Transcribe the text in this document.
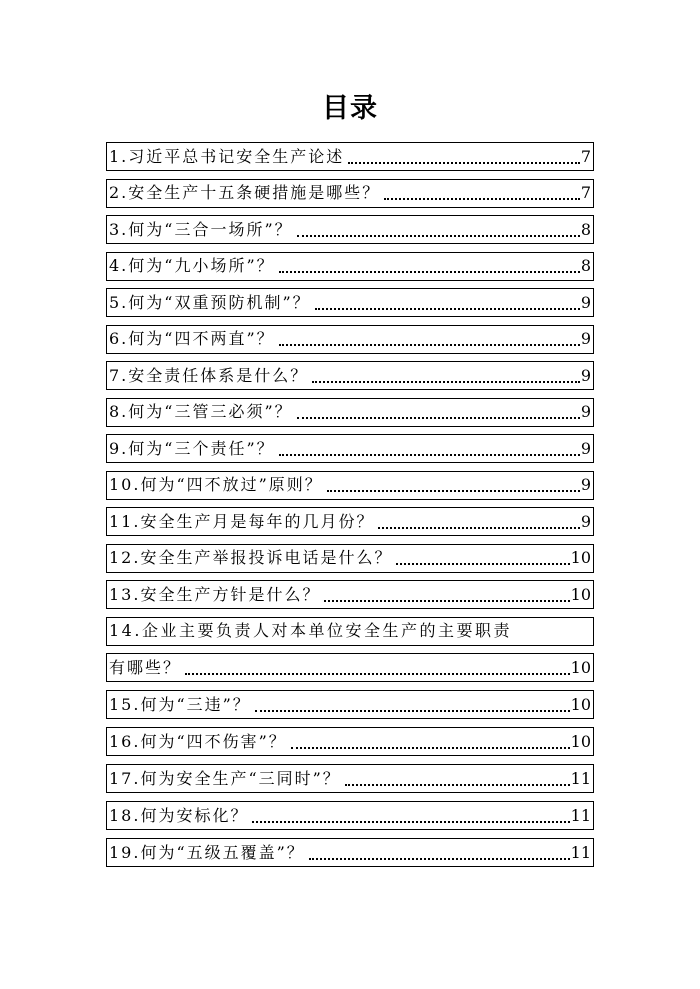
目录
1.习近平总书记安全生产论述	7
2.安全生产十五条硬措施是哪些？	7
3.何为“三合一场所”？	8
4.何为“九小场所”？	8
5.何为“双重预防机制”？	9
6.何为“四不两直”？	9
7.安全责任体系是什么？	9
8.何为“三管三必须”？	9
9.何为“三个责任”？	9
10.何为“四不放过”原则？	9
11.安全生产月是每年的几月份？	9
12.安全生产举报投诉电话是什么？	10
13.安全生产方针是什么？	10
14.企业主要负责人对本单位安全生产的主要职责
有哪些？	10
15.何为“三违”？	10
16.何为“四不伤害”？	10
17.何为安全生产“三同时”？	11
18.何为安标化？	11
19.何为“五级五覆盖”？	11
